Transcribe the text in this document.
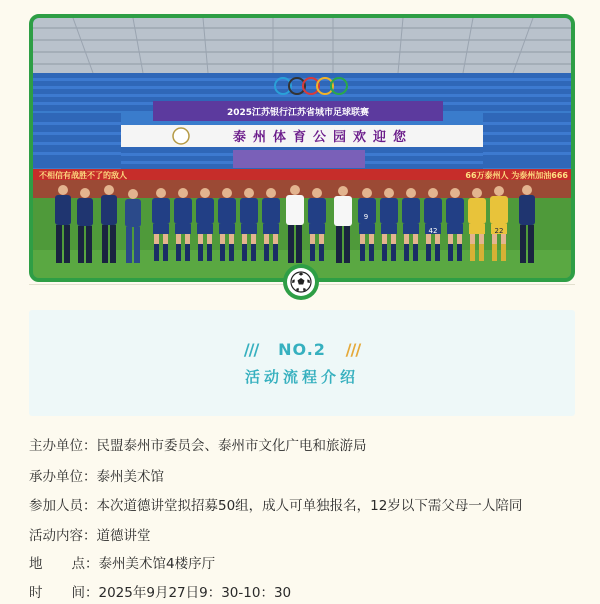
2025江苏银行江苏省城市足球联赛
泰州体育公园欢迎您
不相信有战胜不了的敌人	66万泰州人 为泰州加油666
9
42	22
/// NO.2 ///
活动流程介绍
主办单位：民盟泰州市委员会、泰州市文化广电和旅游局
承办单位：泰州美术馆
参加人员：本次道德讲堂拟招募50组，成人可单独报名，12岁以下需父母一人陪同
活动内容：道德讲堂
地 点 ：泰州美术馆4楼序厅
时 间 ：2025年9月27日9：30-10：30
